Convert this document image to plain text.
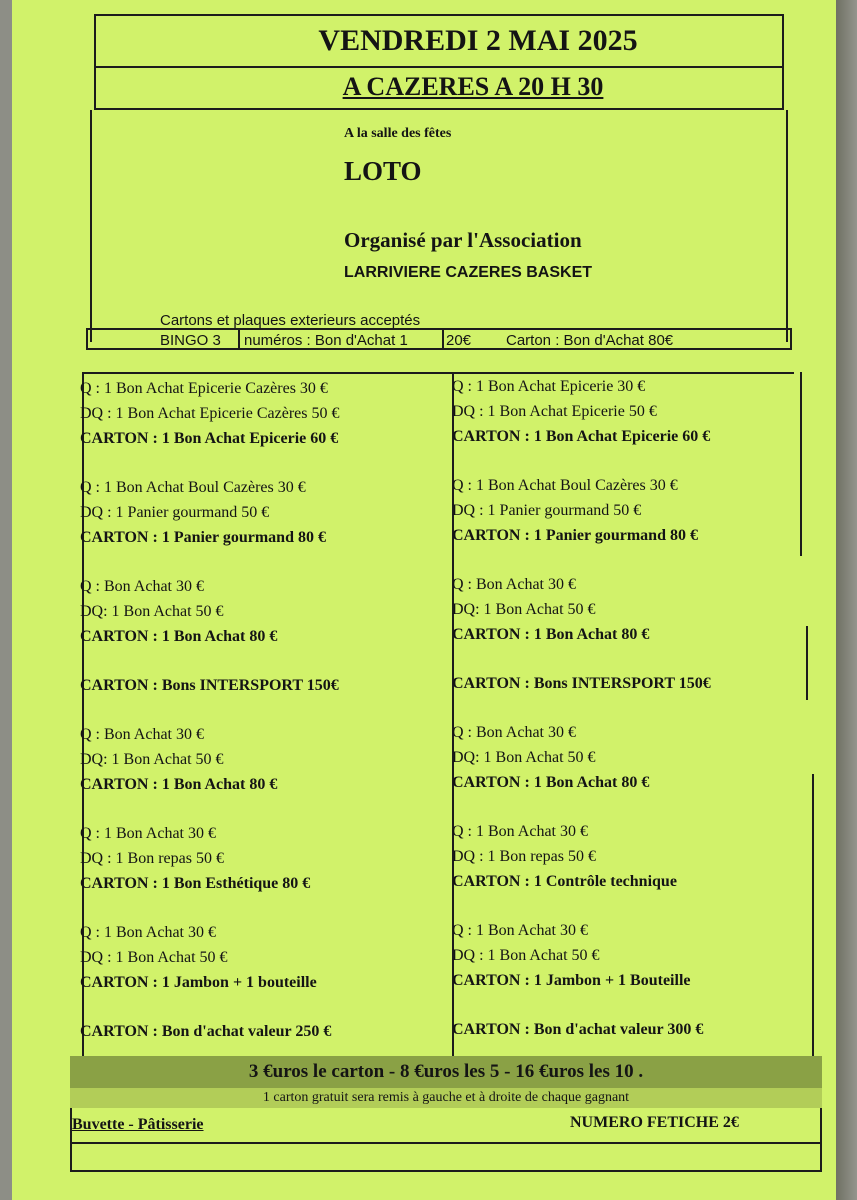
VENDREDI 2 MAI 2025
A CAZERES A 20 H 30
A la salle des fêtes
LOTO
Organisé par l'Association
LARRIVIERE CAZERES BASKET
Cartons et plaques exterieurs acceptés
BINGO 3 numéros : Bon d'Achat 1	20€ Carton : Bon d'Achat 80€
Q : 1 Bon Achat Epicerie Cazères 30 €
DQ : 1 Bon Achat Epicerie Cazères 50 €
CARTON : 1 Bon Achat Epicerie 60 €
Q : 1 Bon Achat Boul Cazères 30 €
DQ : 1 Panier gourmand 50 €
CARTON : 1 Panier gourmand 80 €
Q : Bon Achat 30 €
DQ: 1 Bon Achat 50 €
CARTON : 1 Bon Achat 80 €
CARTON : Bons INTERSPORT 150€
Q : Bon Achat 30 €
DQ: 1 Bon Achat 50 €
CARTON : 1 Bon Achat 80 €
Q : 1 Bon Achat 30 €
DQ : 1 Bon repas 50 €
CARTON : 1 Bon Esthétique 80 €
Q : 1 Bon Achat 30 €
DQ : 1 Bon Achat 50 €
CARTON : 1 Jambon + 1 bouteille
CARTON : Bon d'achat valeur 250 €
Q : 1 Bon Achat Epicerie 30 €
DQ : 1 Bon Achat Epicerie 50 €
CARTON : 1 Bon Achat Epicerie 60 €
Q : 1 Bon Achat Boul Cazères 30 €
DQ : 1 Panier gourmand 50 €
CARTON : 1 Panier gourmand 80 €
Q : Bon Achat 30 €
DQ: 1 Bon Achat 50 €
CARTON : 1 Bon Achat 80 €
CARTON : Bons INTERSPORT 150€
Q : Bon Achat 30 €
DQ: 1 Bon Achat 50 €
CARTON : 1 Bon Achat 80 €
Q : 1 Bon Achat 30 €
DQ : 1 Bon repas 50 €
CARTON : 1 Contrôle technique
Q : 1 Bon Achat 30 €
DQ : 1 Bon Achat 50 €
CARTON : 1 Jambon + 1 Bouteille
CARTON : Bon d'achat valeur 300 €
3 €uros le carton - 8 €uros les 5 - 16 €uros les 10 .
1 carton gratuit sera remis à gauche et à droite de chaque gagnant
Buvette - Pâtisserie	NUMERO FETICHE 2€
